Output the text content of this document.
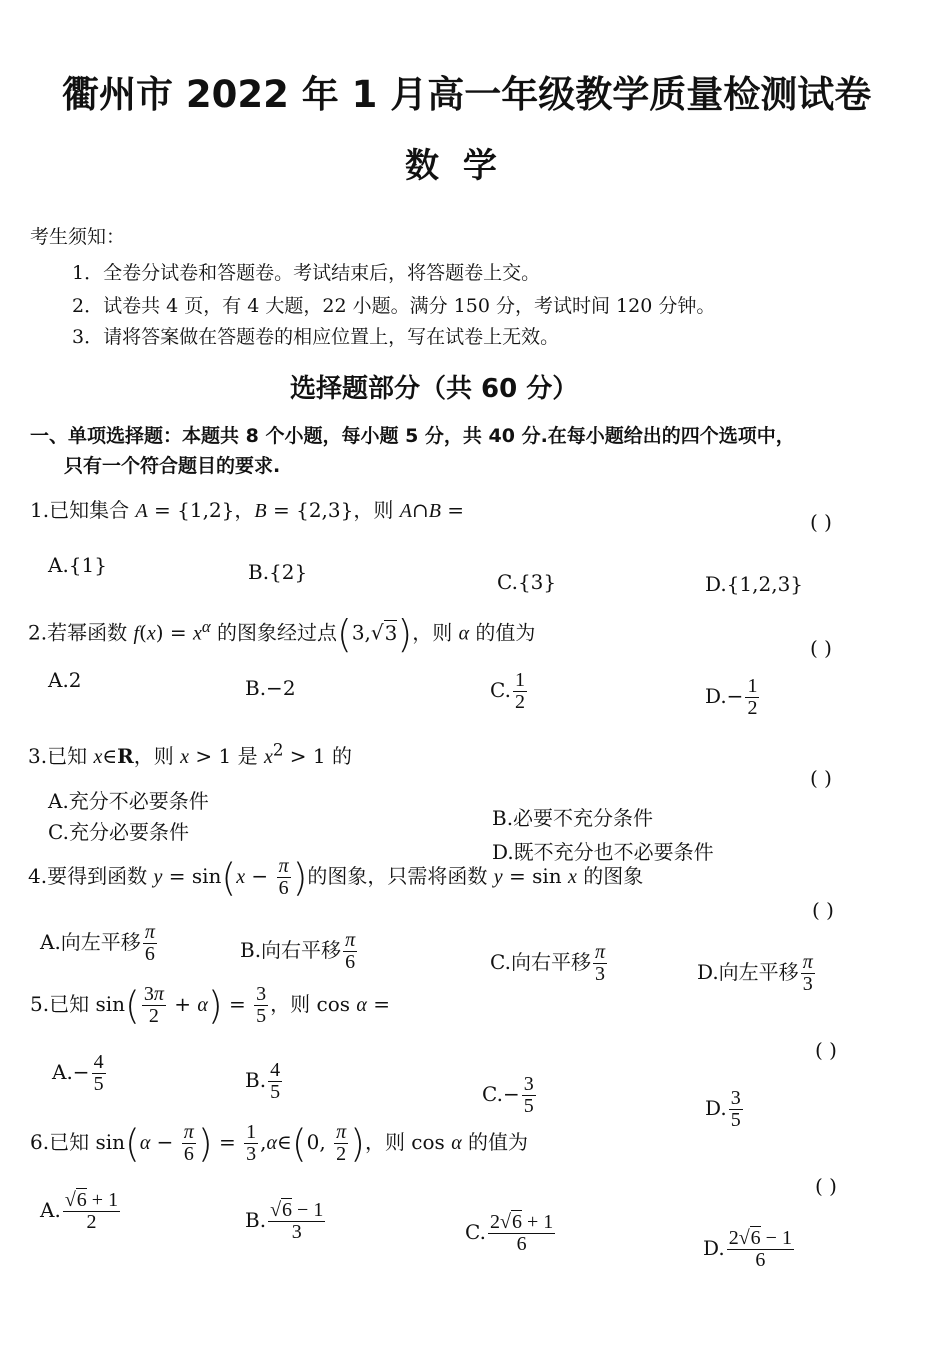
衢州市 2022 年 1 月高一年级教学质量检测试卷
数 学
考生须知：
1．全卷分试卷和答题卷。考试结束后，将答题卷上交。
2．试卷共 4 页，有 4 大题，22 小题。满分 150 分，考试时间 120 分钟。
3．请将答案做在答题卷的相应位置上，写在试卷上无效。
选择题部分（共 60 分）
一、单项选择题：本题共 8 个小题，每小题 5 分，共 40 分.在每小题给出的四个选项中，
只有一个符合题目的要求.
1.已知集合 A = {1,2}，B = {2,3}，则 A∩B =	( )
A.{1}	B.{2}	C.{3}	D.{1,2,3}
2.若幂函数 $f(x) = x^\alpha$ 的图象经过点(3,√3)，则 α 的值为
( )
A.2	B.−2	C. $\frac{1}{2}$	$D.- \frac{1}{2}$
3.已知 x∈R，则 x > 1 是 $x^2 > 1$ 的
( )
A.充分不必要条件
B.必要不充分条件
C.充分必要条件
D.既不充分也不必要条件
4.要得到函数 $y = \sin(x - \frac{\pi}{6}$ )的图象，只需将函数 y = sin x 的图象
( )
A.向左平移 $\frac{\pi}{6}$	B.向右平移 $\frac{\pi}{6}$	C.向右平移 $\frac{\pi}{3}$	D.向左平移 $\frac{\pi}{3}$
5.已知 $\sin( \frac{3\pi}{2} + \alpha) = \frac{3}{5}$ ，则 cos α =
( )
$A.- \frac{4}{5}$	B. $\frac{4}{5}$	$C.- \frac{3}{5}$	D. $\frac{3}{5}$
6.已知 $\sin(\alpha - \frac{\pi}{6}$ ) = $\frac{1}{3}$ ,α∈(0, $\frac{\pi}{2}$ )，则 cos α 的值为
( )
A. $\frac{√6 + 1}{2}$	B. $\frac{√6 - 1}{3}$	C. $\frac{2√6 + 1}{6}$	D. $\frac{2√6 - 1}{6}$
